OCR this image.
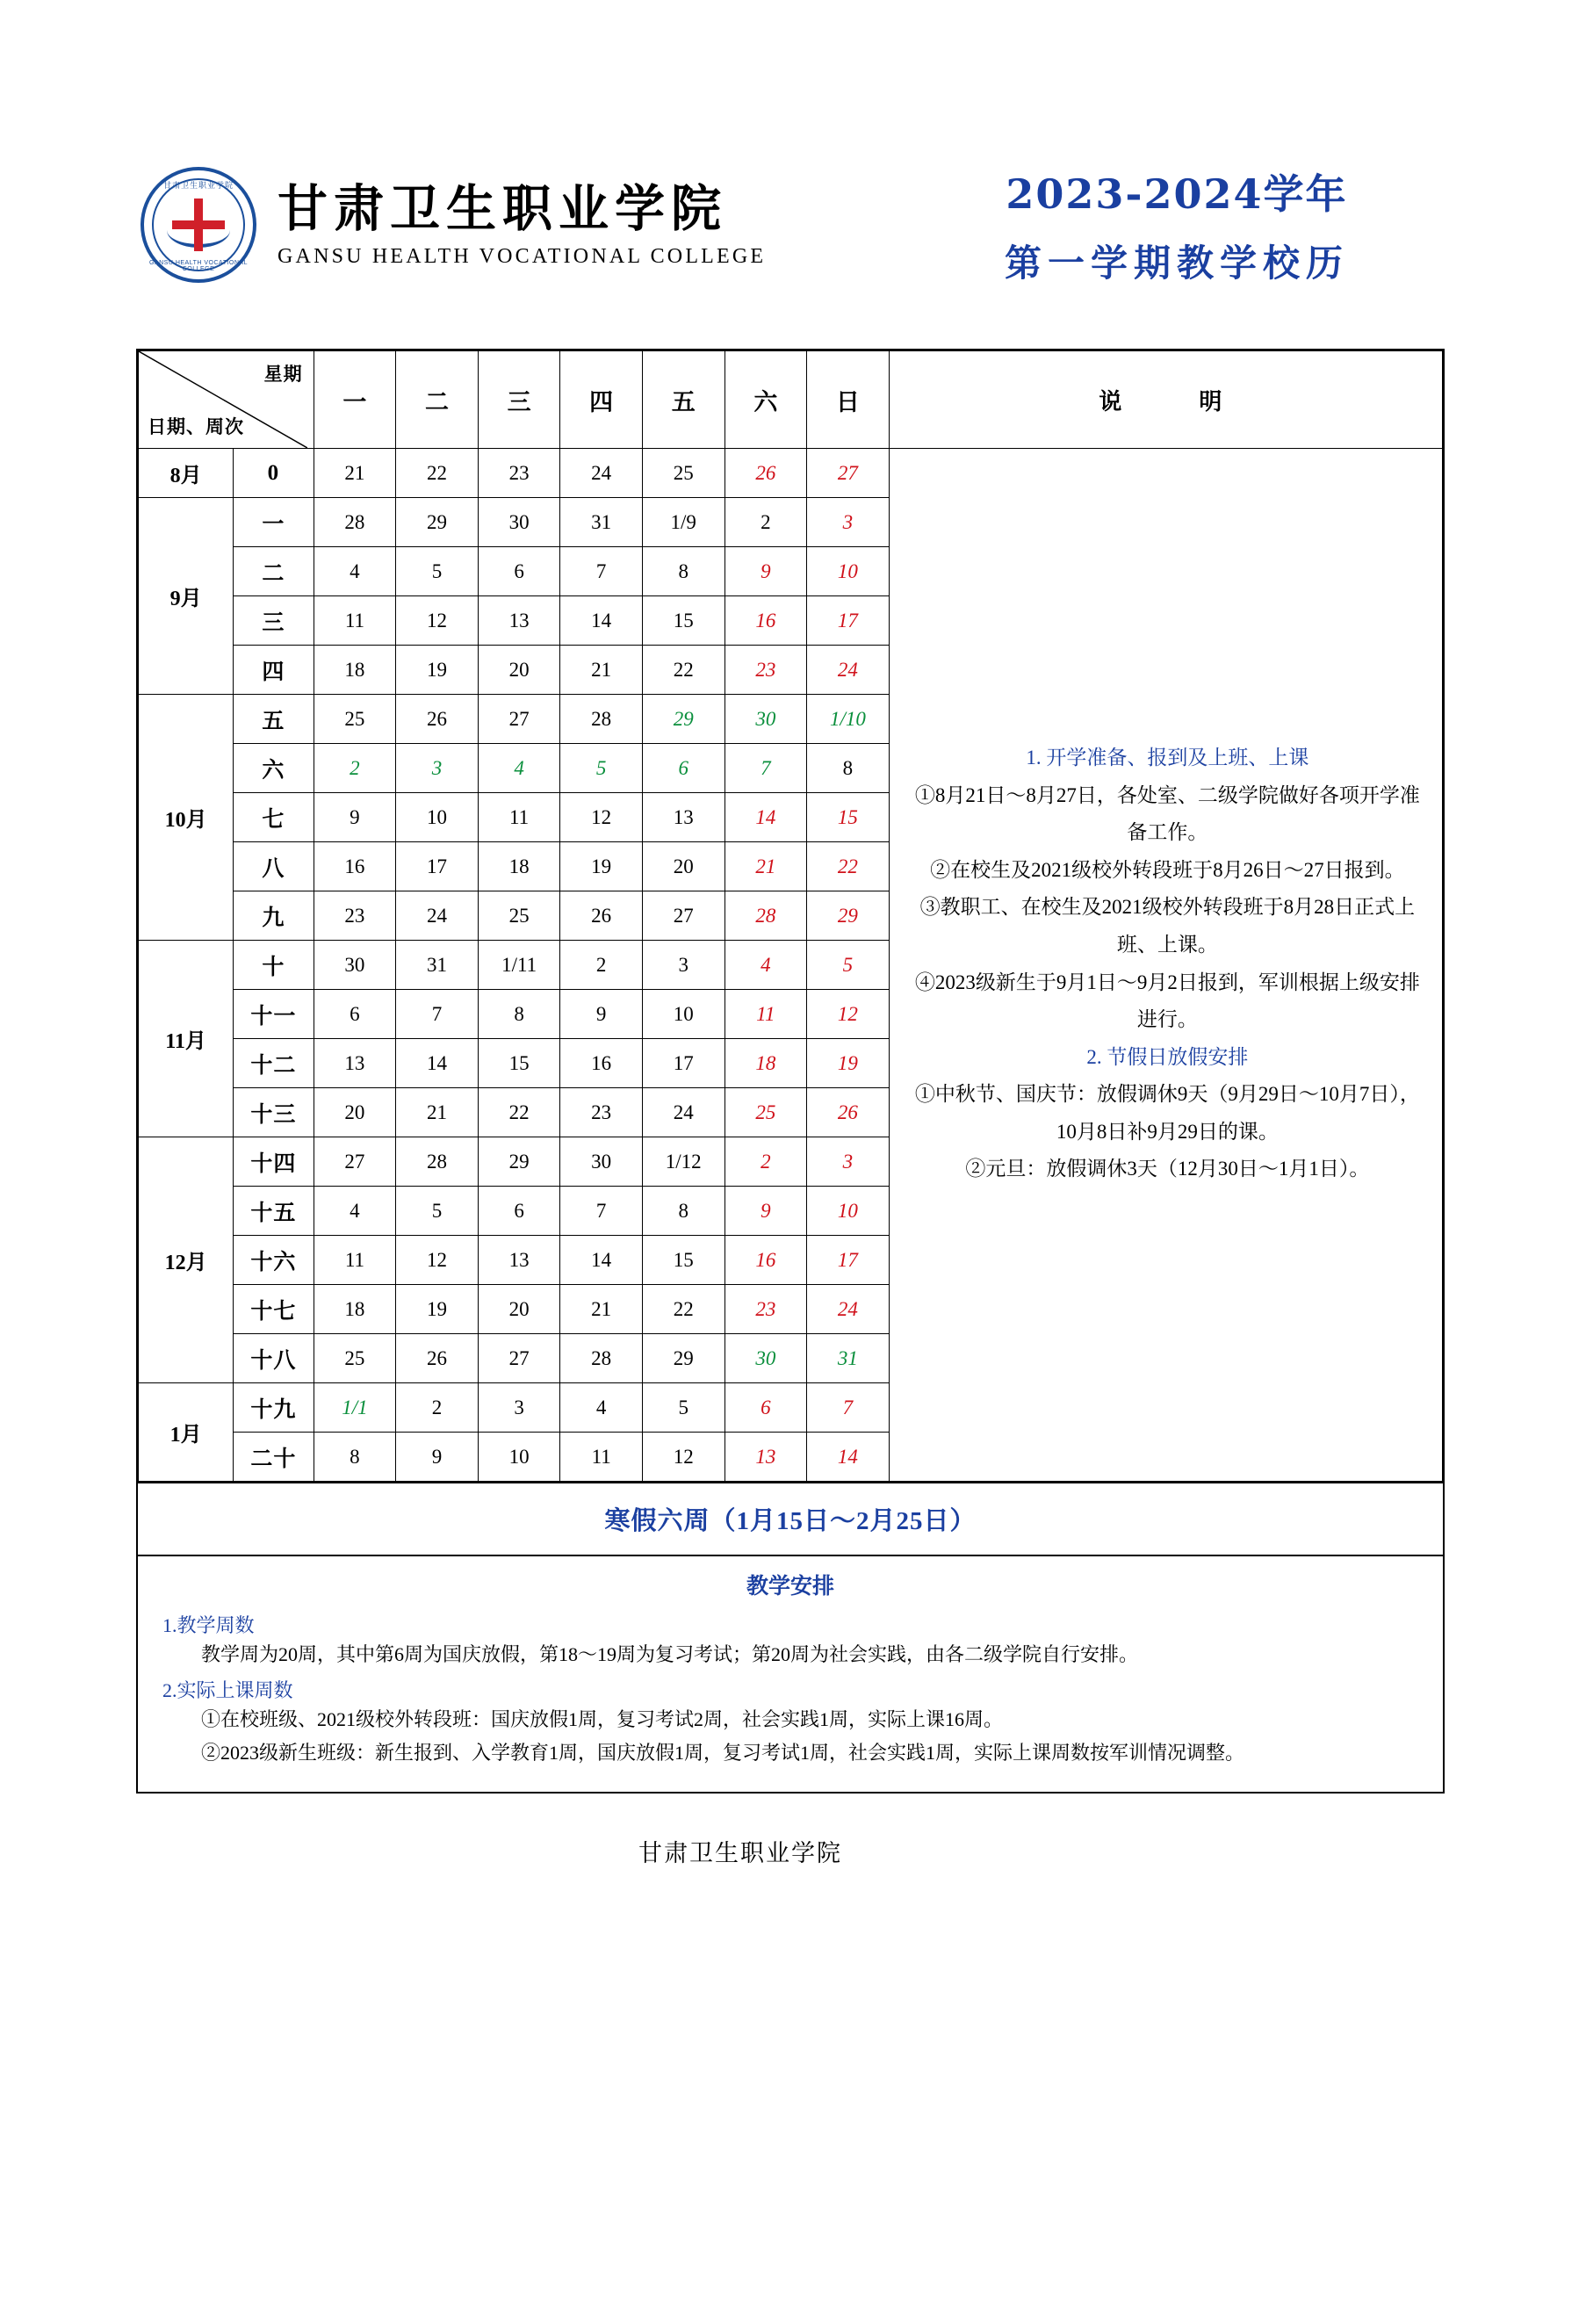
甘肃卫生职业学院
GANSU HEALTH VOCATIONAL COLLEGE
甘肃卫生职业学院
GANSU HEALTH VOCATIONAL COLLEGE
2023-2024学年
第一学期教学校历
星期
日期、周次		一	二	三	四	五	六	日	说　　明
8月	0	21	22	23	24	25	26	27	
1. 开学准备、报到及上班、上课
①8月21日～8月27日，各处室、二级学院做好各项开学准备工作。
②在校生及2021级校外转段班于8月26日～27日报到。
③教职工、在校生及2021级校外转段班于8月28日正式上班、上课。
④2023级新生于9月1日～9月2日报到，军训根据上级安排进行。
2. 节假日放假安排
①中秋节、国庆节：放假调休9天（9月29日～10月7日），10月8日补9月29日的课。
②元旦：放假调休3天（12月30日～1月1日）。

9月	一	28	29	30	31	1/9	2	3	
	二	4	5	6	7	8	9	10	
	三	11	12	13	14	15	16	17	
	四	18	19	20	21	22	23	24	
10月	五	25	26	27	28	29	30	1/10	
	六	2	3	4	5	6	7	8	
	七	9	10	11	12	13	14	15	
	八	16	17	18	19	20	21	22	
	九	23	24	25	26	27	28	29	
11月	十	30	31	1/11	2	3	4	5	
	十一	6	7	8	9	10	11	12	
	十二	13	14	15	16	17	18	19	
	十三	20	21	22	23	24	25	26	
12月	十四	27	28	29	30	1/12	2	3	
	十五	4	5	6	7	8	9	10	
	十六	11	12	13	14	15	16	17	
	十七	18	19	20	21	22	23	24	
	十八	25	26	27	28	29	30	31	
1月	十九	1/1	2	3	4	5	6	7	
	二十	8	9	10	11	12	13	14	
寒假六周（1月15日～2月25日）
教学安排
1.教学周数
教学周为20周，其中第6周为国庆放假，第18～19周为复习考试；第20周为社会实践，由各二级学院自行安排。
2.实际上课周数
①在校班级、2021级校外转段班：国庆放假1周，复习考试2周，社会实践1周，实际上课16周。
②2023级新生班级：新生报到、入学教育1周，国庆放假1周，复习考试1周，社会实践1周，实际上课周数按军训情况调整。
甘肃卫生职业学院
